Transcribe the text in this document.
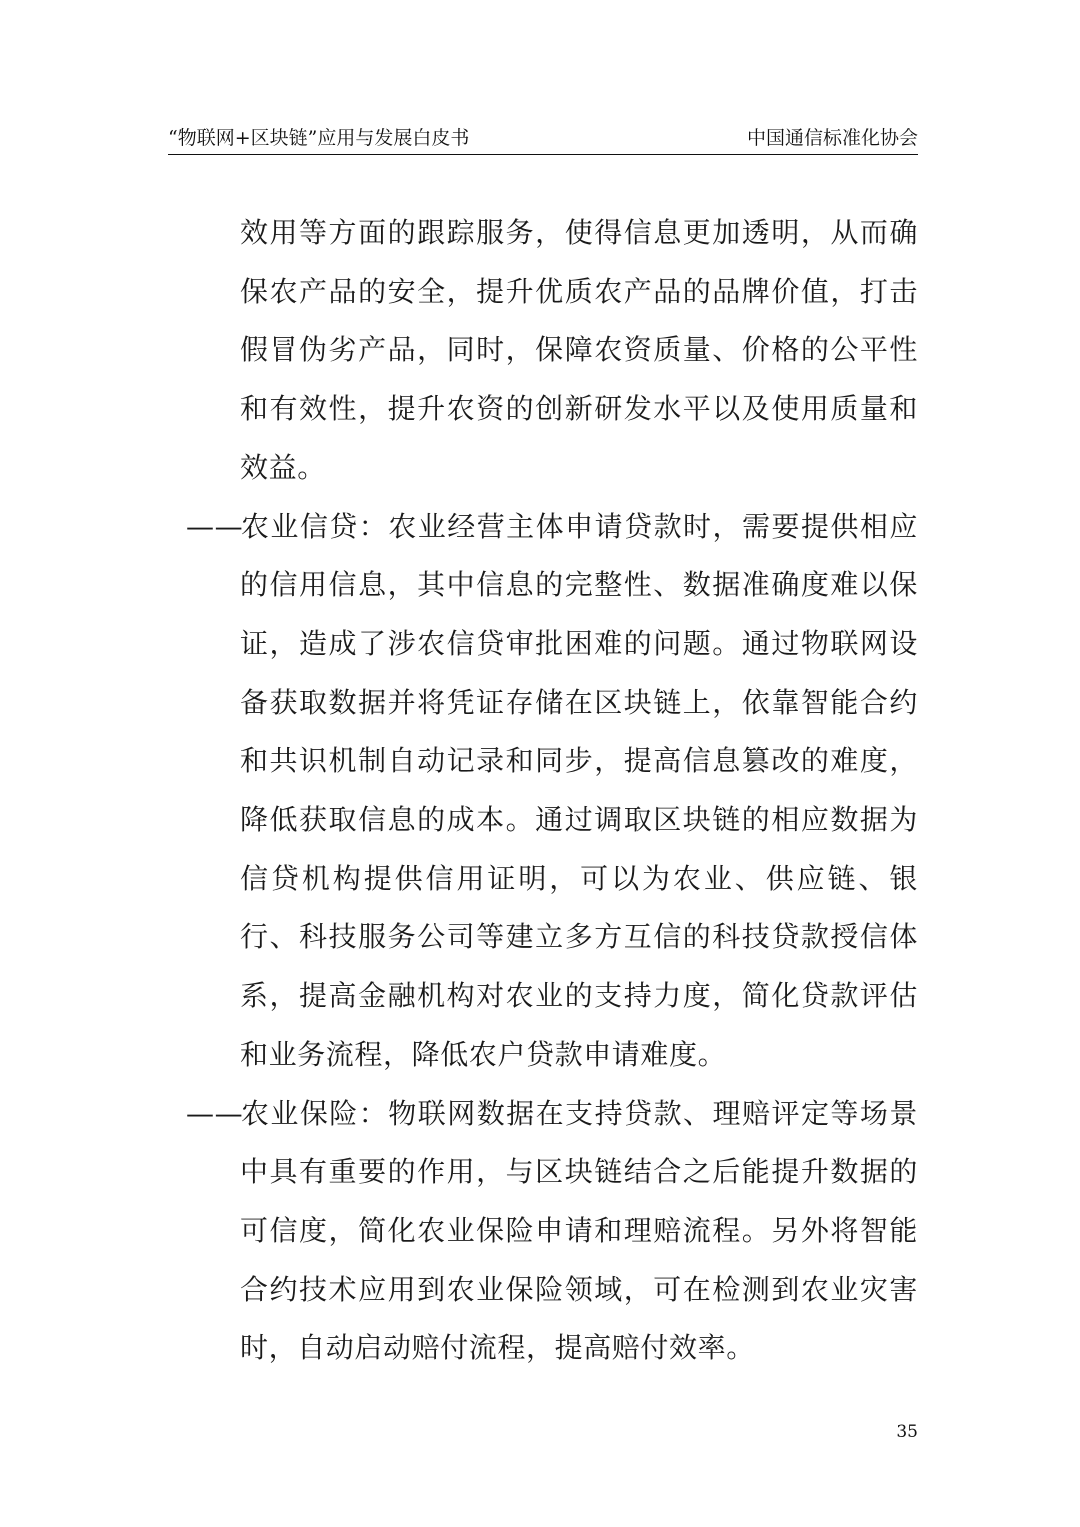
“物联网+区块链”应用与发展白皮书	中国通信标准化协会

效用等方面的跟踪服务，使得信息更加透明，从而确保农产品的安全，提升优质农产品的品牌价值，打击假冒伪劣产品，同时，保障农资质量、价格的公平性和有效性，提升农资的创新研发水平以及使用质量和效益。

——农业信贷：农业经营主体申请贷款时，需要提供相应的信用信息，其中信息的完整性、数据准确度难以保证，造成了涉农信贷审批困难的问题。通过物联网设备获取数据并将凭证存储在区块链上，依靠智能合约和共识机制自动记录和同步，提高信息篡改的难度，降低获取信息的成本。通过调取区块链的相应数据为信贷机构提供信用证明，可以为农业、供应链、银行、科技服务公司等建立多方互信的科技贷款授信体系，提高金融机构对农业的支持力度，简化贷款评估和业务流程，降低农户贷款申请难度。

——农业保险：物联网数据在支持贷款、理赔评定等场景中具有重要的作用，与区块链结合之后能提升数据的可信度，简化农业保险申请和理赔流程。另外将智能合约技术应用到农业保险领域，可在检测到农业灾害时，自动启动赔付流程，提高赔付效率。

35
